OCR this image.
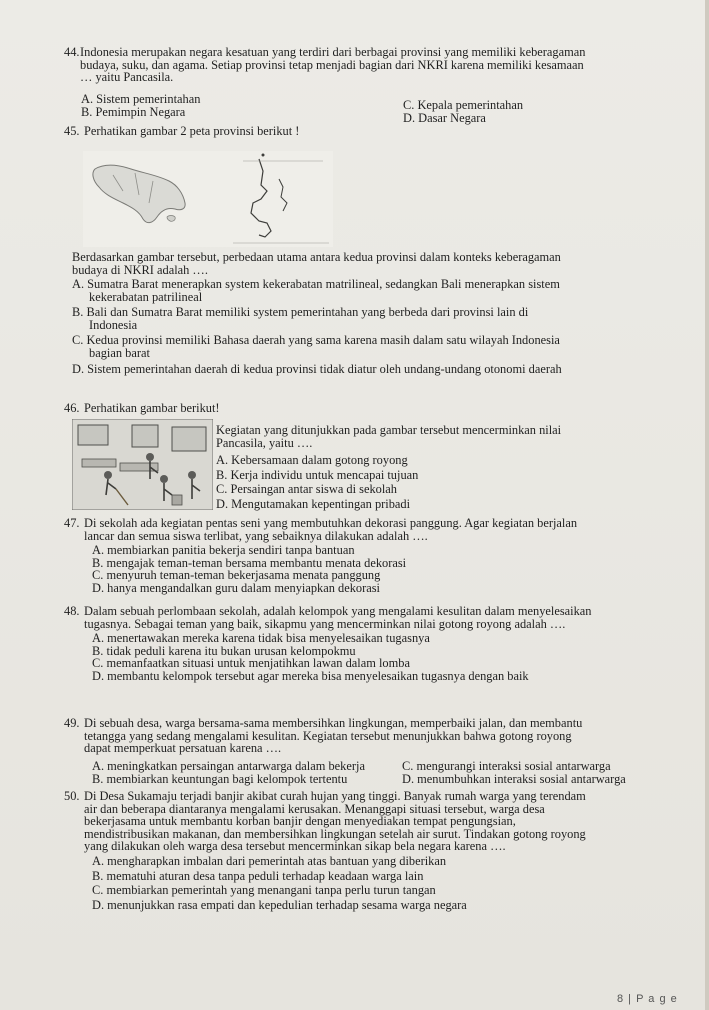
44. Indonesia merupakan negara kesatuan yang terdiri dari berbagai provinsi yang memiliki keberagaman
budaya, suku, dan agama. Setiap provinsi tetap menjadi bagian dari NKRI karena memiliki kesamaan
… yaitu Pancasila.
A. Sistem pemerintahan
B. Pemimpin Negara	C. Kepala pemerintahan
D. Dasar Negara
45. Perhatikan gambar 2 peta provinsi berikut !
Berdasarkan gambar tersebut, perbedaan utama antara kedua provinsi dalam konteks keberagaman
budaya di NKRI adalah ….
A. Sumatra Barat menerapkan system kekerabatan matrilineal, sedangkan Bali menerapkan sistem
kekerabatan patrilineal
B. Bali dan Sumatra Barat memiliki system pemerintahan yang berbeda dari provinsi lain di
Indonesia
C. Kedua provinsi memiliki Bahasa daerah yang sama karena masih dalam satu wilayah Indonesia
bagian barat
D. Sistem pemerintahan daerah di kedua provinsi tidak diatur oleh undang-undang otonomi daerah
46. Perhatikan gambar berikut!
Kegiatan yang ditunjukkan pada gambar tersebut mencerminkan nilai
Pancasila, yaitu ….
A. Kebersamaan dalam gotong royong
B. Kerja individu untuk mencapai tujuan
C. Persaingan antar siswa di sekolah
D. Mengutamakan kepentingan pribadi
47. Di sekolah ada kegiatan pentas seni yang membutuhkan dekorasi panggung. Agar kegiatan berjalan
lancar dan semua siswa terlibat, yang sebaiknya dilakukan adalah ….
A. membiarkan panitia bekerja sendiri tanpa bantuan
B. mengajak teman-teman bersama membantu menata dekorasi
C. menyuruh teman-teman bekerjasama menata panggung
D. hanya mengandalkan guru dalam menyiapkan dekorasi
48. Dalam sebuah perlombaan sekolah, adalah kelompok yang mengalami kesulitan dalam menyelesaikan
tugasnya. Sebagai teman yang baik, sikapmu yang mencerminkan nilai gotong royong adalah ….
A. menertawakan mereka karena tidak bisa menyelesaikan tugasnya
B. tidak peduli karena itu bukan urusan kelompokmu
C. memanfaatkan situasi untuk menjatihkan lawan dalam lomba
D. membantu kelompok tersebut agar mereka bisa menyelesaikan tugasnya dengan baik
49. Di sebuah desa, warga bersama-sama membersihkan lingkungan, memperbaiki jalan, dan membantu
tetangga yang sedang mengalami kesulitan. Kegiatan tersebut menunjukkan bahwa gotong royong
dapat memperkuat persatuan karena ….
A. meningkatkan persaingan antarwarga dalam bekerja	C. mengurangi interaksi sosial antarwarga
B. membiarkan keuntungan bagi kelompok tertentu	D. menumbuhkan interaksi sosial antarwarga
50. Di Desa Sukamaju terjadi banjir akibat curah hujan yang tinggi. Banyak rumah warga yang terendam
air dan beberapa diantaranya mengalami kerusakan. Menanggapi situasi tersebut, warga desa
bekerjasama untuk membantu korban banjir dengan menyediakan tempat pengungsian,
mendistribusikan makanan, dan membersihkan lingkungan setelah air surut. Tindakan gotong royong
yang dilakukan oleh warga desa tersebut mencerminkan sikap bela negara karena ….
A. mengharapkan imbalan dari pemerintah atas bantuan yang diberikan
B. mematuhi aturan desa tanpa peduli terhadap keadaan warga lain
C. membiarkan pemerintah yang menangani tanpa perlu turun tangan
D. menunjukkan rasa empati dan kepedulian terhadap sesama warga negara
8 | P a g e
